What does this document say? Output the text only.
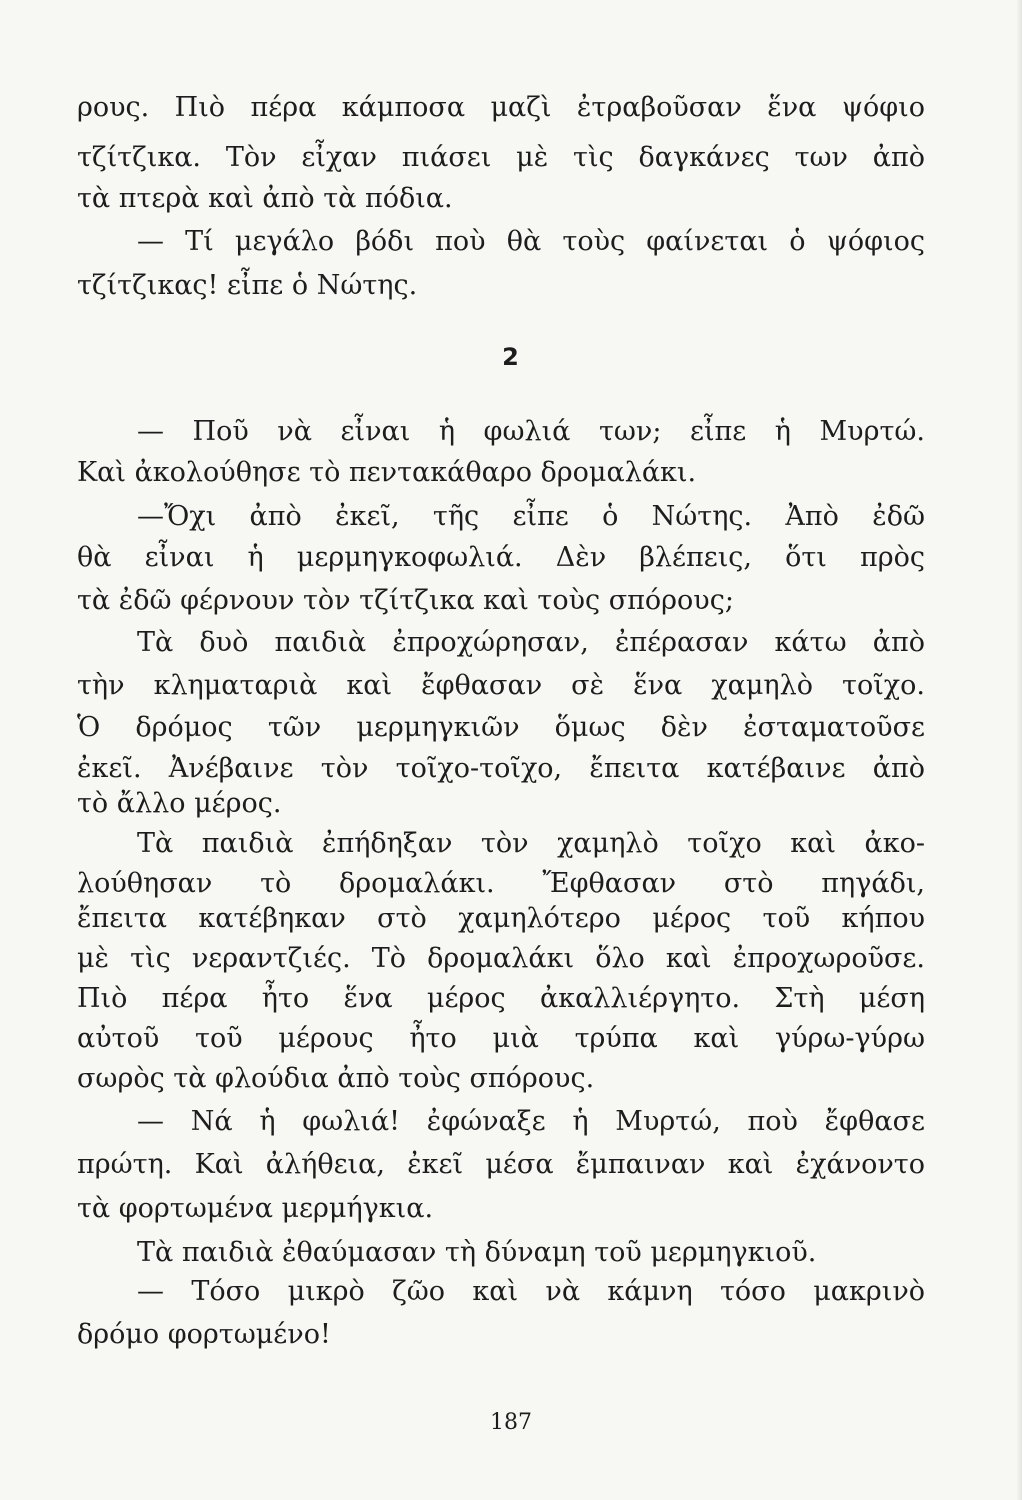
ρους. Πιὸ πέρα κάμποσα μαζὶ ἐτραβοῦσαν ἕνα ψόφιο
τζίτζικα. Τὸν εἶχαν πιάσει μὲ τὶς δαγκάνες των ἀπὸ
τὰ πτερὰ καὶ ἀπὸ τὰ πόδια.
— Τί μεγάλο βόδι ποὺ θὰ τοὺς φαίνεται ὁ ψόφιος
τζίτζικας! εἶπε ὁ Νώτης.
2
— Ποῦ νὰ εἶναι ἡ φωλιά των; εἶπε ἡ Μυρτώ.
Καὶ ἀκολούθησε τὸ πεντακάθαρο δρομαλάκι.
—Ὄχι ἀπὸ ἐκεῖ, τῆς εἶπε ὁ Νώτης. Ἀπὸ ἐδῶ
θὰ εἶναι ἡ μερμηγκοφωλιά. Δὲν βλέπεις, ὅτι πρὸς
τὰ ἐδῶ φέρνουν τὸν τζίτζικα καὶ τοὺς σπόρους;
Τὰ δυὸ παιδιὰ ἐπροχώρησαν, ἐπέρασαν κάτω ἀπὸ
τὴν κληματαριὰ καὶ ἔφθασαν σὲ ἕνα χαμηλὸ τοῖχο.
Ὁ δρόμος τῶν μερμηγκιῶν ὅμως δὲν ἐσταματοῦσε
ἐκεῖ. Ἀνέβαινε τὸν τοῖχο-τοῖχο, ἔπειτα κατέβαινε ἀπὸ
τὸ ἄλλο μέρος.
Τὰ παιδιὰ ἐπήδηξαν τὸν χαμηλὸ τοῖχο καὶ ἀκο-
λούθησαν τὸ δρομαλάκι. Ἔφθασαν στὸ πηγάδι,
ἔπειτα κατέβηκαν στὸ χαμηλότερο μέρος τοῦ κήπου
μὲ τὶς νεραντζιές. Τὸ δρομαλάκι ὅλο καὶ ἐπροχωροῦσε.
Πιὸ πέρα ἦτο ἕνα μέρος ἀκαλλιέργητο. Στὴ μέση
αὐτοῦ τοῦ μέρους ἦτο μιὰ τρύπα καὶ γύρω-γύρω
σωρὸς τὰ φλούδια ἀπὸ τοὺς σπόρους.
— Νά ἡ φωλιά! ἐφώναξε ἡ Μυρτώ, ποὺ ἔφθασε
πρώτη. Καὶ ἀλήθεια, ἐκεῖ μέσα ἔμπαιναν καὶ ἐχάνοντο
τὰ φορτωμένα μερμήγκια.
Τὰ παιδιὰ ἐθαύμασαν τὴ δύναμη τοῦ μερμηγκιοῦ.
— Τόσο μικρὸ ζῶο καὶ νὰ κάμνη τόσο μακρινὸ
δρόμο φορτωμένο!
187
